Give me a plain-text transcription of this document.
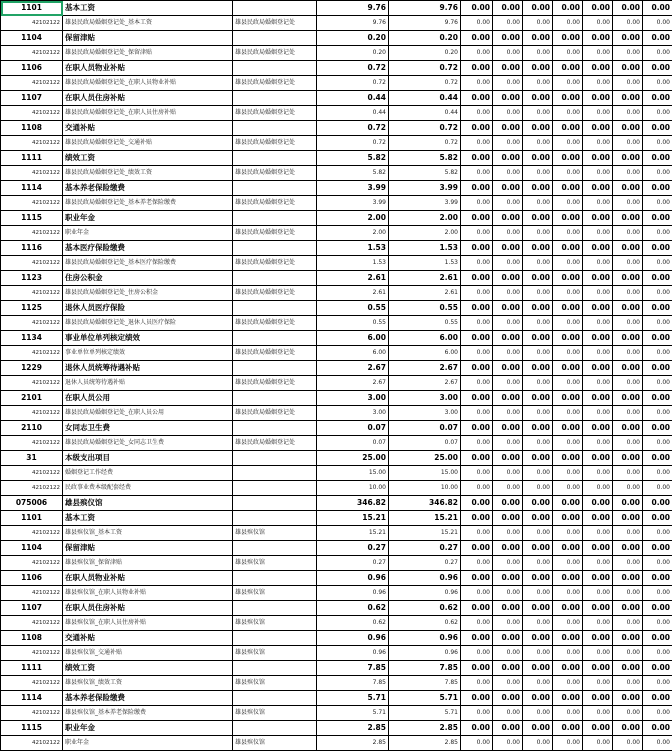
1101	基本工资		9.76	9.76	0.00	0.00	0.00	0.00	0.00	0.00	0.00
42102122	雄县民政局婚姻登记处_基本工资	雄县民政局婚姻登记处	9.76	9.76	0.00	0.00	0.00	0.00	0.00	0.00	0.00
1104	保留津贴		0.20	0.20	0.00	0.00	0.00	0.00	0.00	0.00	0.00
42102122	雄县民政局婚姻登记处_保留津贴	雄县民政局婚姻登记处	0.20	0.20	0.00	0.00	0.00	0.00	0.00	0.00	0.00
1106	在职人员物业补贴		0.72	0.72	0.00	0.00	0.00	0.00	0.00	0.00	0.00
42102122	雄县民政局婚姻登记处_在职人员物业补贴	雄县民政局婚姻登记处	0.72	0.72	0.00	0.00	0.00	0.00	0.00	0.00	0.00
1107	在职人员住房补贴		0.44	0.44	0.00	0.00	0.00	0.00	0.00	0.00	0.00
42102122	雄县民政局婚姻登记处_在职人员住房补贴	雄县民政局婚姻登记处	0.44	0.44	0.00	0.00	0.00	0.00	0.00	0.00	0.00
1108	交通补贴		0.72	0.72	0.00	0.00	0.00	0.00	0.00	0.00	0.00
42102122	雄县民政局婚姻登记处_交通补贴	雄县民政局婚姻登记处	0.72	0.72	0.00	0.00	0.00	0.00	0.00	0.00	0.00
1111	绩效工资		5.82	5.82	0.00	0.00	0.00	0.00	0.00	0.00	0.00
42102122	雄县民政局婚姻登记处_绩效工资	雄县民政局婚姻登记处	5.82	5.82	0.00	0.00	0.00	0.00	0.00	0.00	0.00
1114	基本养老保险缴费		3.99	3.99	0.00	0.00	0.00	0.00	0.00	0.00	0.00
42102122	雄县民政局婚姻登记处_基本养老保险缴费	雄县民政局婚姻登记处	3.99	3.99	0.00	0.00	0.00	0.00	0.00	0.00	0.00
1115	职业年金		2.00	2.00	0.00	0.00	0.00	0.00	0.00	0.00	0.00
42102122	职业年金	雄县民政局婚姻登记处	2.00	2.00	0.00	0.00	0.00	0.00	0.00	0.00	0.00
1116	基本医疗保险缴费		1.53	1.53	0.00	0.00	0.00	0.00	0.00	0.00	0.00
42102122	雄县民政局婚姻登记处_基本医疗保险缴费	雄县民政局婚姻登记处	1.53	1.53	0.00	0.00	0.00	0.00	0.00	0.00	0.00
1123	住房公积金		2.61	2.61	0.00	0.00	0.00	0.00	0.00	0.00	0.00
42102122	雄县民政局婚姻登记处_住房公积金	雄县民政局婚姻登记处	2.61	2.61	0.00	0.00	0.00	0.00	0.00	0.00	0.00
1125	退休人员医疗保险		0.55	0.55	0.00	0.00	0.00	0.00	0.00	0.00	0.00
42102122	雄县民政局婚姻登记处_退休人员医疗保险	雄县民政局婚姻登记处	0.55	0.55	0.00	0.00	0.00	0.00	0.00	0.00	0.00
1134	事业单位单列核定绩效		6.00	6.00	0.00	0.00	0.00	0.00	0.00	0.00	0.00
42102122	事业单位单列核定绩效	雄县民政局婚姻登记处	6.00	6.00	0.00	0.00	0.00	0.00	0.00	0.00	0.00
1229	退休人员统筹待遇补贴		2.67	2.67	0.00	0.00	0.00	0.00	0.00	0.00	0.00
42102122	退休人员统筹待遇补贴	雄县民政局婚姻登记处	2.67	2.67	0.00	0.00	0.00	0.00	0.00	0.00	0.00
2101	在职人员公用		3.00	3.00	0.00	0.00	0.00	0.00	0.00	0.00	0.00
42102122	雄县民政局婚姻登记处_在职人员公用	雄县民政局婚姻登记处	3.00	3.00	0.00	0.00	0.00	0.00	0.00	0.00	0.00
2110	女同志卫生费		0.07	0.07	0.00	0.00	0.00	0.00	0.00	0.00	0.00
42102122	雄县民政局婚姻登记处_女同志卫生费	雄县民政局婚姻登记处	0.07	0.07	0.00	0.00	0.00	0.00	0.00	0.00	0.00
31	本级支出项目		25.00	25.00	0.00	0.00	0.00	0.00	0.00	0.00	0.00
42102122	婚姻登记工作经费		15.00	15.00	0.00	0.00	0.00	0.00	0.00	0.00	0.00
42102122	民政事业费本级配套经费		10.00	10.00	0.00	0.00	0.00	0.00	0.00	0.00	0.00
075006	雄县殡仪馆		346.82	346.82	0.00	0.00	0.00	0.00	0.00	0.00	0.00
1101	基本工资		15.21	15.21	0.00	0.00	0.00	0.00	0.00	0.00	0.00
42102122	雄县殡仪馆_基本工资	雄县殡仪馆	15.21	15.21	0.00	0.00	0.00	0.00	0.00	0.00	0.00
1104	保留津贴		0.27	0.27	0.00	0.00	0.00	0.00	0.00	0.00	0.00
42102122	雄县殡仪馆_保留津贴	雄县殡仪馆	0.27	0.27	0.00	0.00	0.00	0.00	0.00	0.00	0.00
1106	在职人员物业补贴		0.96	0.96	0.00	0.00	0.00	0.00	0.00	0.00	0.00
42102122	雄县殡仪馆_在职人员物业补贴	雄县殡仪馆	0.96	0.96	0.00	0.00	0.00	0.00	0.00	0.00	0.00
1107	在职人员住房补贴		0.62	0.62	0.00	0.00	0.00	0.00	0.00	0.00	0.00
42102122	雄县殡仪馆_在职人员住房补贴	雄县殡仪馆	0.62	0.62	0.00	0.00	0.00	0.00	0.00	0.00	0.00
1108	交通补贴		0.96	0.96	0.00	0.00	0.00	0.00	0.00	0.00	0.00
42102122	雄县殡仪馆_交通补贴	雄县殡仪馆	0.96	0.96	0.00	0.00	0.00	0.00	0.00	0.00	0.00
1111	绩效工资		7.85	7.85	0.00	0.00	0.00	0.00	0.00	0.00	0.00
42102122	雄县殡仪馆_绩效工资	雄县殡仪馆	7.85	7.85	0.00	0.00	0.00	0.00	0.00	0.00	0.00
1114	基本养老保险缴费		5.71	5.71	0.00	0.00	0.00	0.00	0.00	0.00	0.00
42102122	雄县殡仪馆_基本养老保险缴费	雄县殡仪馆	5.71	5.71	0.00	0.00	0.00	0.00	0.00	0.00	0.00
1115	职业年金		2.85	2.85	0.00	0.00	0.00	0.00	0.00	0.00	0.00
42102122	职业年金	雄县殡仪馆	2.85	2.85	0.00	0.00	0.00	0.00	0.00	0.00	0.00
